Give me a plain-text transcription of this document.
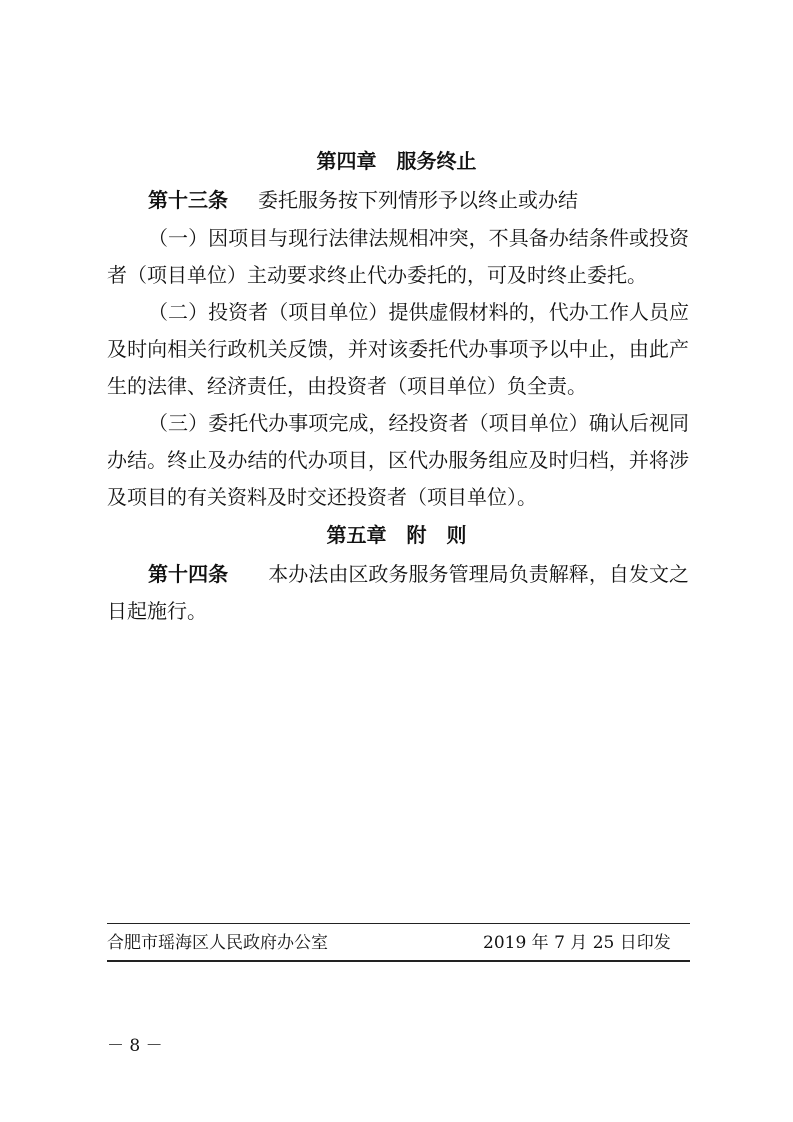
第四章　服务终止

第十三条 委托服务按下列情形予以终止或办结

（一）因项目与现行法律法规相冲突，不具备办结条件或投资者（项目单位）主动要求终止代办委托的，可及时终止委托。

（二）投资者（项目单位）提供虚假材料的，代办工作人员应及时向相关行政机关反馈，并对该委托代办事项予以中止，由此产生的法律、经济责任，由投资者（项目单位）负全责。

（三）委托代办事项完成，经投资者（项目单位）确认后视同办结。终止及办结的代办项目，区代办服务组应及时归档，并将涉及项目的有关资料及时交还投资者（项目单位）。

第五章　附　则

第十四条 本办法由区政务服务管理局负责解释，自发文之日起施行。

合肥市瑶海区人民政府办公室	2019 年 7 月 25 日印发
－ 8 －
